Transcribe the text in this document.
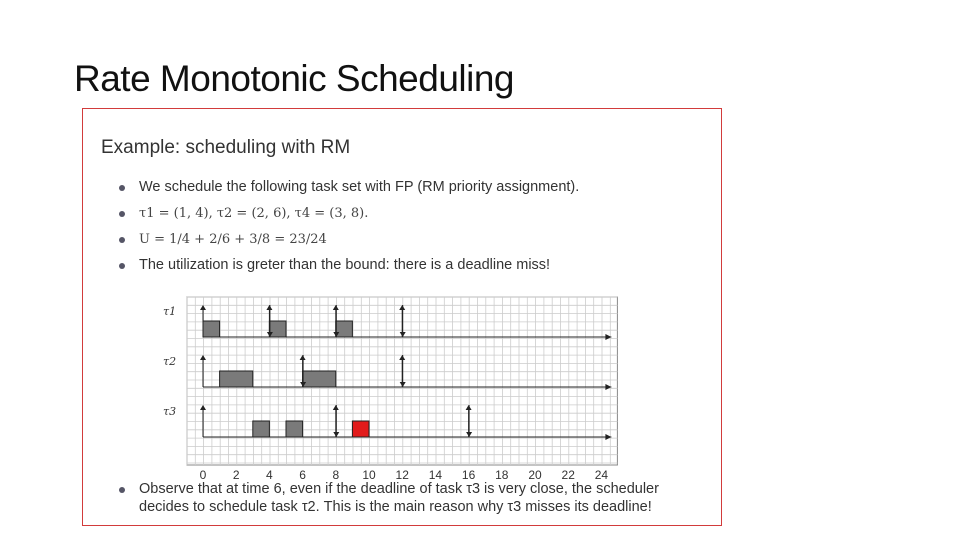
Rate Monotonic Scheduling
Example: scheduling with RM
We schedule the following task set with FP (RM priority assignment).
τ1 = (1, 4), τ2 = (2, 6), τ4 = (3, 8).
U = 1/4 + 2/6 + 3/8 = 23/24
The utilization is greter than the bound: there is a deadline miss!
τ1
τ2
τ3
0 2 4 6 8 10 12 14 16 18 20 22 24
Observe that at time 6, even if the deadline of task τ3 is very close, the scheduler
decides to schedule task τ2. This is the main reason why τ3 misses its deadline!
